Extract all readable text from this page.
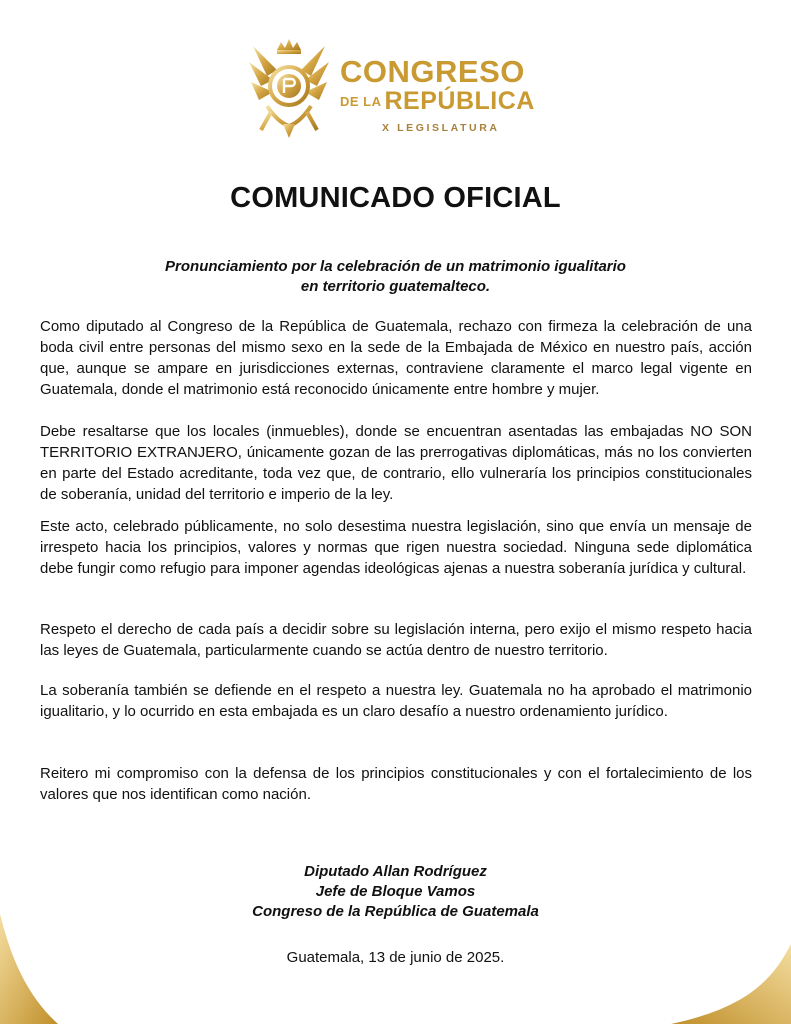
CONGRESO
DE LA REPÚBLICA
X LEGISLATURA
COMUNICADO OFICIAL
Pronunciamiento por la celebración de un matrimonio igualitario
en territorio guatemalteco.

Como diputado al Congreso de la República de Guatemala, rechazo con firmeza la celebración de una boda civil entre personas del mismo sexo en la sede de la Embajada de México en nuestro país, acción que, aunque se ampare en jurisdicciones externas, contraviene claramente el marco legal vigente en Guatemala, donde el matrimonio está reconocido únicamente entre hombre y mujer.

Debe resaltarse que los locales (inmuebles), donde se encuentran asentadas las embajadas NO SON TERRITORIO EXTRANJERO, únicamente gozan de las prerrogativas diplomáticas, más no los convierten en parte del Estado acreditante, toda vez que, de contrario, ello vulneraría los principios constitucionales de soberanía, unidad del territorio e imperio de la ley.

Este acto, celebrado públicamente, no solo desestima nuestra legislación, sino que envía un mensaje de irrespeto hacia los principios, valores y normas que rigen nuestra sociedad. Ninguna sede diplomática debe fungir como refugio para imponer agendas ideológicas ajenas a nuestra soberanía jurídica y cultural.

Respeto el derecho de cada país a decidir sobre su legislación interna, pero exijo el mismo respeto hacia las leyes de Guatemala, particularmente cuando se actúa dentro de nuestro territorio.

La soberanía también se defiende en el respeto a nuestra ley. Guatemala no ha aprobado el matrimonio igualitario, y lo ocurrido en esta embajada es un claro desafío a nuestro ordenamiento jurídico.

Reitero mi compromiso con la defensa de los principios constitucionales y con el fortalecimiento de los valores que nos identifican como nación.

Diputado Allan Rodríguez
Jefe de Bloque Vamos
Congreso de la República de Guatemala
Guatemala, 13 de junio de 2025.
